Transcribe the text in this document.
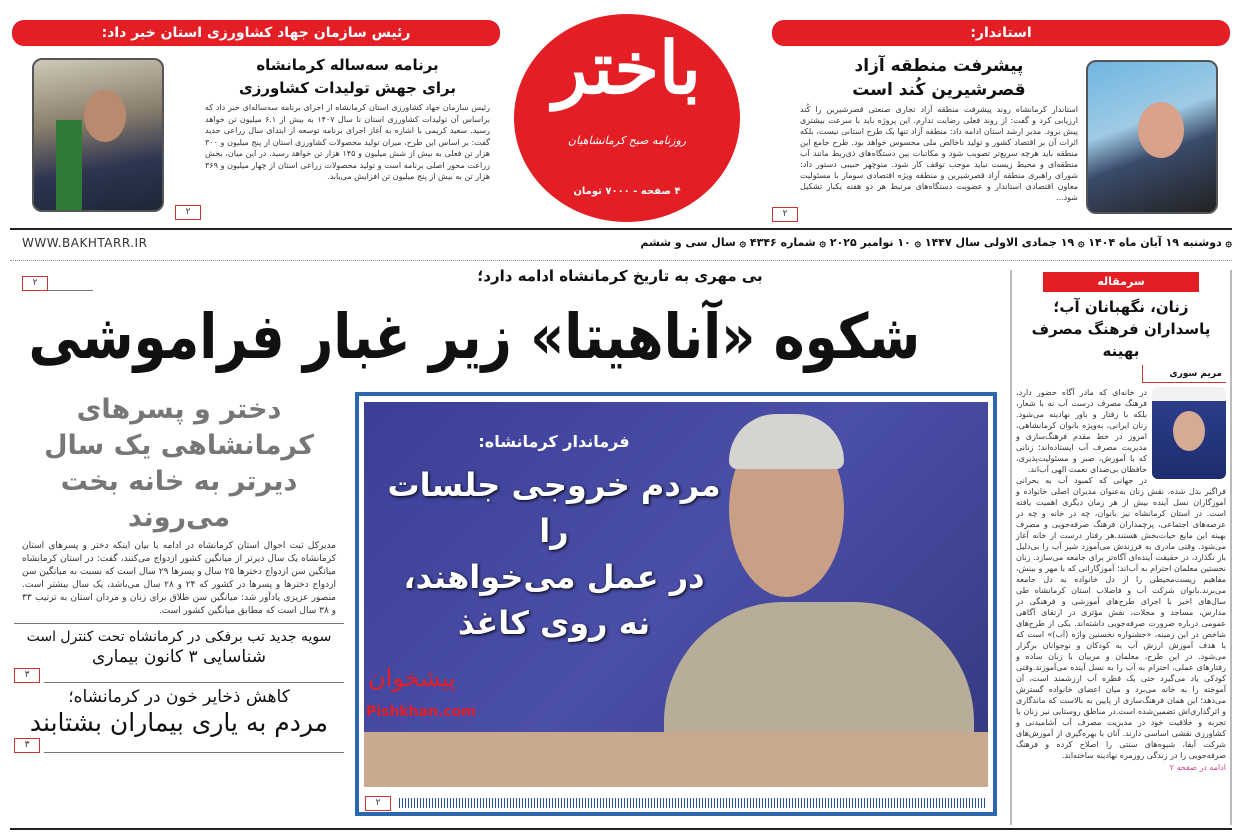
استاندار:
پیشرفت منطقه آزاد
قصرشیرین کُند است
استاندار کرمانشاه روند پیشرفت منطقه آزاد تجاری صنعتی قصرشیرین را کُند ارزیابی کرد و گفت: از روند فعلی رضایت ندارم. این پروژه باید با سرعت بیشتری پیش برود. مدیر ارشد استان ادامه داد: منطقه آزاد تنها یک طرح استانی نیست، بلکه اثرات آن بر اقتصاد کشور و تولید ناخالص ملی محسوس خواهد بود. طرح جامع این منطقه باید هرچه سریع‌تر تصویب شود و مکاتبات بین دستگاه‌های ذی‌ربط مانند آب منطقه‌ای و محیط زیست نباید موجب توقف کار شود. منوچهر حبیبی دستور داد: شورای راهبری منطقه آزاد قصرشیرین و منطقه ویژه اقتصادی سومار با مسئولیت معاون اقتصادی استاندار و عضویت دستگاه‌های مرتبط هر دو هفته یکبار تشکیل شود...
۲
رئیس سازمان جهاد کشاورزی استان خبر داد:
برنامه سه‌ساله کرمانشاه
برای جهش تولیدات کشاورزی
رئیس سازمان جهاد کشاورزی استان کرمانشاه از اجرای برنامه سه‌ساله‌ای خبر داد که براساس آن تولیدات کشاورزی استان تا سال ۱۴۰۷ به بیش از ۶.۱ میلیون تن خواهد رسید. سعید کریمی با اشاره به آغاز اجرای برنامه توسعه از ابتدای سال زراعی جدید گفت: بر اساس این طرح، میزان تولید محصولات کشاورزی استان از پنج میلیون و ۳۰۰ هزار تن فعلی به بیش از شش میلیون و ۱۴۵ هزار تن خواهد رسید. در این میان، بخش زراعت محور اصلی برنامه است و تولید محصولات زراعی استان از چهار میلیون و ۳۶۹ هزار تن به بیش از پنج میلیون تن افزایش می‌یابد.
۲
باختر
روزنامه صبح کرمانشاهیان
۴ صفحه - ۷۰۰۰ تومان
WWW.BAKHTARR.IR	۞ دوشنبه ۱۹ آبان ماه ۱۴۰۴ ۞ ۱۹ جمادی الاولی سال ۱۴۴۷ ۞ ۱۰ نوامبر ۲۰۲۵ ۞ شماره ۴۳۴۶ ۞ سال سی و ششم
بی مهری به تاریخ کرمانشاه ادامه دارد؛
شکوه «آناهیتا» زیر غبار فراموشی
۲
دختر و پسرهای کرمانشاهی یک سال دیرتر به خانه بخت می‌روند
مدیرکل ثبت احوال استان کرمانشاه در ادامه با بیان اینکه دختر و پسرهای استان کرمانشاه یک سال دیرتر از میانگین کشور ازدواج می‌کنند، گفت: در استان کرمانشاه میانگین سن ازدواج دخترها ۲۵ سال و پسرها ۲۹ سال است که نسبت به میانگین سن ازدواج دخترها و پسرها در کشور که ۲۴ و ۲۸ سال می‌باشد، یک سال بیشتر است. منصور عزیزی یادآور شد: میانگین سن طلاق برای زنان و مردان استان به ترتیب ۳۳ و ۳۸ سال است که مطابق میانگین کشور است.
سویه جدید تب برفکی در کرمانشاه تحت کنترل است
شناسایی ۳ کانون بیماری
۳
کاهش ذخایر خون در کرمانشاه؛
مردم به یاری بیماران بشتابند
۳
فرماندار کرمانشاه:
مردم خروجی جلسات را
در عمل می‌خواهند،
نه روی کاغذ
۲
پیشخوان
Pishkhan.com
سرمقاله
زنان، نگهبانان آب؛
پاسداران فرهنگ مصرف بهینه
مریم سوری
در خانه‌ای که مادر آگاه حضور دارد، فرهنگ مصرف درست آب نه با شعار، بلکه با رفتار و باور نهادینه می‌شود. زنان ایرانی، به‌ویژه بانوان کرمانشاهی، امروز در خط مقدم فرهنگ‌سازی و مدیریت مصرف آب ایستاده‌اند؛ زنانی که با آموزش، صبر و مسئولیت‌پذیری، حافظان بی‌صدای نعمت الهی آب‌اند.
در جهانی که کمبود آب به بحرانی فراگیر بدل شده، نقش زنان به‌عنوان مدیران اصلی خانواده و آموزگاران نسل آینده بیش از هر زمان دیگری اهمیت یافته است. در استان کرمانشاه نیز بانوان، چه در خانه و چه در عرصه‌های اجتماعی، پرچمداران فرهنگ صرفه‌جویی و مصرف بهینه این مایع حیات‌بخش هستند.هر رفتار درست از خانه آغاز می‌شود. وقتی مادری به فرزندش می‌آموزد شیر آب را بی‌دلیل باز نگذارد، در حقیقت آینده‌ای آگاه‌تر برای جامعه می‌سازد. زنان نخستین معلمان احترام به آب‌اند؛ آموزگارانی که با مهر و بینش، مفاهیم زیست‌محیطی را از دل خانواده به دل جامعه می‌برند.بانوان شرکت آب و فاضلاب استان کرمانشاه طی سال‌های اخیر با اجرای طرح‌های آموزشی و فرهنگی در مدارس، مساجد و محلات، نقش مؤثری در ارتقای آگاهی عمومی درباره ضرورت صرفه‌جویی داشته‌اند. یکی از طرح‌های شاخص در این زمینه، «جشنواره نخستین واژه (آب)» است که با هدف آموزش ارزش آب به کودکان و نوجوانان برگزار می‌شود. در این طرح، معلمان و مربیان با زبان ساده و رفتارهای عملی، احترام به آب را به نسل آینده می‌آموزند.وقتی کودکی یاد می‌گیرد حتی یک قطره آب ارزشمند است، آن آموخته را به خانه می‌برد و میان اعضای خانواده گسترش می‌دهد؛ این همان فرهنگ‌سازی از پایین به بالاست که ماندگاری و اثرگذاری‌اش تضمین‌شده است.در مناطق روستایی نیز زنان با تجربه و خلاقیت خود در مدیریت مصرف آب آشامیدنی و کشاورزی نقشی اساسی دارند. آنان با بهره‌گیری از آموزش‌های شرکت آبفا، شیوه‌های سنتی را اصلاح کرده و فرهنگ صرفه‌جویی را در زندگی روزمره نهادینه ساخته‌اند.
ادامه در صفحه ۲
